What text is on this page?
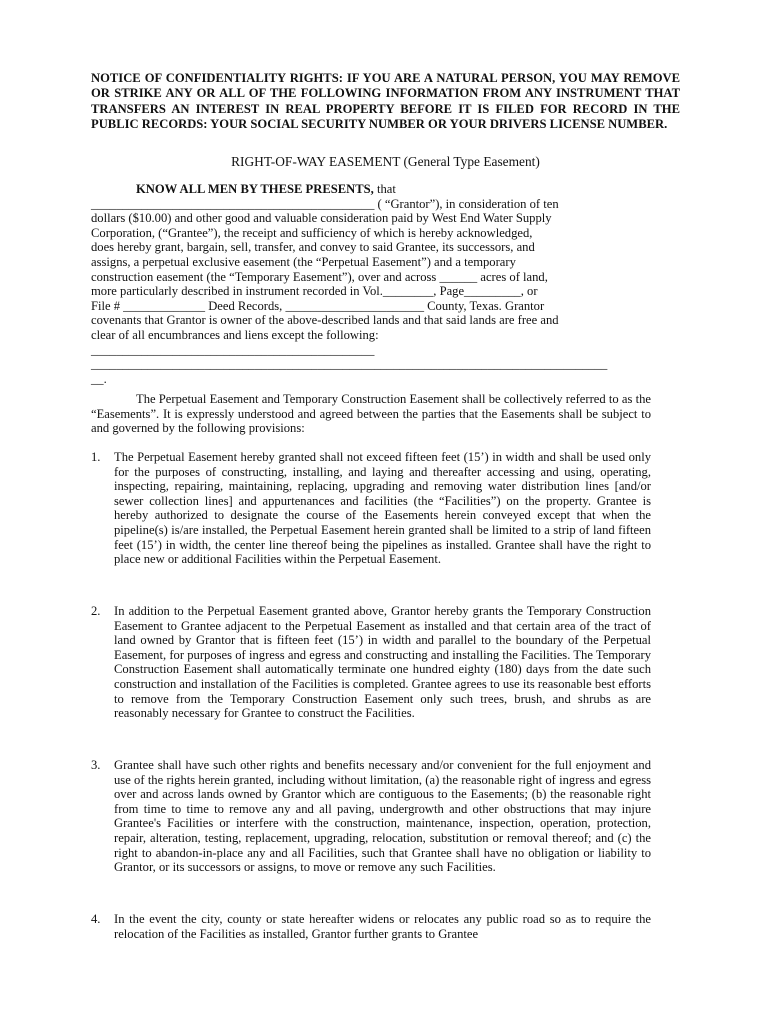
NOTICE OF CONFIDENTIALITY RIGHTS: IF YOU ARE A NATURAL PERSON, YOU MAY REMOVE OR STRIKE ANY OR ALL OF THE FOLLOWING INFORMATION FROM ANY INSTRUMENT THAT TRANSFERS AN INTEREST IN REAL PROPERTY BEFORE IT IS FILED FOR RECORD IN THE PUBLIC RECORDS: YOUR SOCIAL SECURITY NUMBER OR YOUR DRIVERS LICENSE NUMBER.
RIGHT-OF-WAY EASEMENT (General Type Easement)
KNOW ALL MEN BY THESE PRESENTS, that
_____________________________________________ ( “Grantor”), in consideration of ten
dollars ($10.00) and other good and valuable consideration paid by West End Water Supply
Corporation, (“Grantee”), the receipt and sufficiency of which is hereby acknowledged,
does hereby grant, bargain, sell, transfer, and convey to said Grantee, its successors, and
assigns, a perpetual exclusive easement (the “Perpetual Easement”) and a temporary
construction easement (the “Temporary Easement”), over and across ______ acres of land,
more particularly described in instrument recorded in Vol.________, Page_________, or
File # _____________ Deed Records, ______________________ County, Texas. Grantor
covenants that Grantor is owner of the above-described lands and that said lands are free and
clear of all encumbrances and liens except the following:
_____________________________________________
__________________________________________________________________________________
__.
The Perpetual Easement and Temporary Construction Easement shall be collectively referred to as the “Easements”. It is expressly understood and agreed between the parties that the Easements shall be subject to and governed by the following provisions:
1. The Perpetual Easement hereby granted shall not exceed fifteen feet (15’) in width and shall be used only for the purposes of constructing, installing, and laying and thereafter accessing and using, operating, inspecting, repairing, maintaining, replacing, upgrading and removing water distribution lines [and/or sewer collection lines] and appurtenances and facilities (the “Facilities”) on the property. Grantee is hereby authorized to designate the course of the Easements herein conveyed except that when the pipeline(s) is/are installed, the Perpetual Easement herein granted shall be limited to a strip of land fifteen feet (15’) in width, the center line thereof being the pipelines as installed. Grantee shall have the right to place new or additional Facilities within the Perpetual Easement.
2. In addition to the Perpetual Easement granted above, Grantor hereby grants the Temporary Construction Easement to Grantee adjacent to the Perpetual Easement as installed and that certain area of the tract of land owned by Grantor that is fifteen feet (15’) in width and parallel to the boundary of the Perpetual Easement, for purposes of ingress and egress and constructing and installing the Facilities. The Temporary Construction Easement shall automatically terminate one hundred eighty (180) days from the date such construction and installation of the Facilities is completed. Grantee agrees to use its reasonable best efforts to remove from the Temporary Construction Easement only such trees, brush, and shrubs as are reasonably necessary for Grantee to construct the Facilities.
3. Grantee shall have such other rights and benefits necessary and/or convenient for the full enjoyment and use of the rights herein granted, including without limitation, (a) the reasonable right of ingress and egress over and across lands owned by Grantor which are contiguous to the Easements; (b) the reasonable right from time to time to remove any and all paving, undergrowth and other obstructions that may injure Grantee's Facilities or interfere with the construction, maintenance, inspection, operation, protection, repair, alteration, testing, replacement, upgrading, relocation, substitution or removal thereof; and (c) the right to abandon-in-place any and all Facilities, such that Grantee shall have no obligation or liability to Grantor, or its successors or assigns, to move or remove any such Facilities.
4. In the event the city, county or state hereafter widens or relocates any public road so as to require the relocation of the Facilities as installed, Grantor further grants to Grantee
